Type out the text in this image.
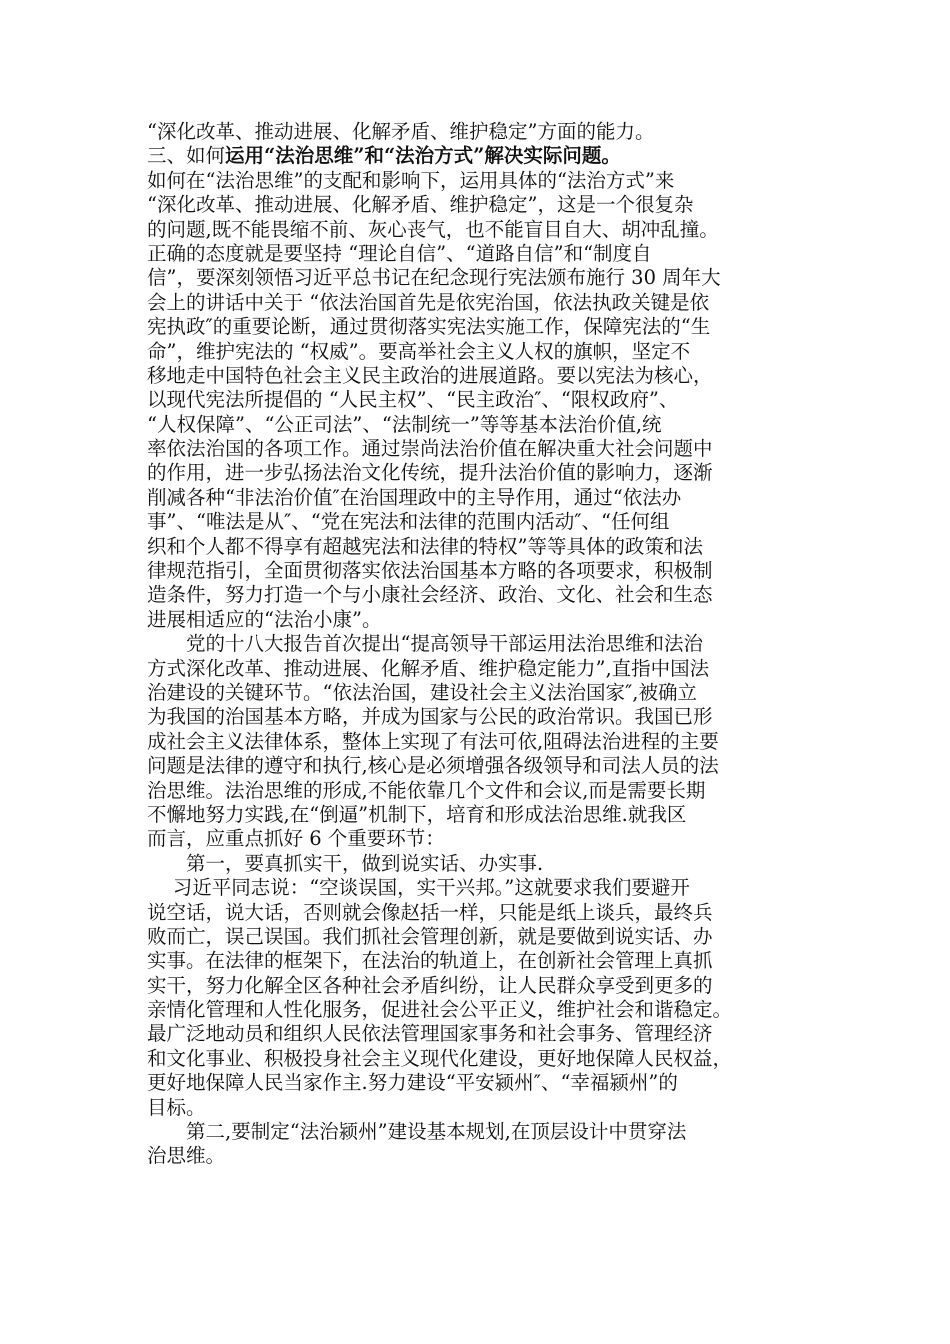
“深化改革、推动进展、化解矛盾、维护稳定”方面的能力。
三、如何运用“法治思维”和“法治方式”解决实际问题。
如何在“法治思维”的支配和影响下，运用具体的“法治方式”来
“深化改革、推动进展、化解矛盾、维护稳定”，这是一个很复杂
的问题,既不能畏缩不前、灰心丧气，也不能盲目自大、胡冲乱撞。
正确的态度就是要坚持 “理论自信”、“道路自信”和“制度自
信”，要深刻领悟习近平总书记在纪念现行宪法颁布施行 30 周年大
会上的讲话中关于 “依法治国首先是依宪治国，依法执政关键是依
宪执政″的重要论断，通过贯彻落实宪法实施工作，保障宪法的“生
命”，维护宪法的 “权威”。要高举社会主义人权的旗帜，坚定不
移地走中国特色社会主义民主政治的进展道路。要以宪法为核心，
以现代宪法所提倡的 “人民主权”、“民主政治″、“限权政府”、
“人权保障”、“公正司法”、“法制统一”等等基本法治价值,统
率依法治国的各项工作。通过崇尚法治价值在解决重大社会问题中
的作用，进一步弘扬法治文化传统，提升法治价值的影响力，逐渐
削减各种“非法治价值″在治国理政中的主导作用，通过“依法办
事”、“唯法是从″、“党在宪法和法律的范围内活动″、“任何组
织和个人都不得享有超越宪法和法律的特权”等等具体的政策和法
律规范指引，全面贯彻落实依法治国基本方略的各项要求，积极制
造条件，努力打造一个与小康社会经济、政治、文化、社会和生态
进展相适应的“法治小康”。
　　党的十八大报告首次提出“提高领导干部运用法治思维和法治
方式深化改革、推动进展、化解矛盾、维护稳定能力”,直指中国法
治建设的关键环节。“依法治国，建设社会主义法治国家″,被确立
为我国的治国基本方略，并成为国家与公民的政治常识。我国已形
成社会主义法律体系，整体上实现了有法可依,阻碍法治进程的主要
问题是法律的遵守和执行,核心是必须增强各级领导和司法人员的法
治思维。法治思维的形成,不能依靠几个文件和会议,而是需要长期
不懈地努力实践,在“倒逼”机制下，培育和形成法治思维.就我区
而言，应重点抓好 6 个重要环节：
　　第一，要真抓实干，做到说实话、办实事.
　 习近平同志说：“空谈误国，实干兴邦。”这就要求我们要避开
说空话，说大话，否则就会像赵括一样，只能是纸上谈兵，最终兵
败而亡，误己误国。我们抓社会管理创新，就是要做到说实话、办
实事。在法律的框架下，在法治的轨道上，在创新社会管理上真抓
实干，努力化解全区各种社会矛盾纠纷，让人民群众享受到更多的
亲情化管理和人性化服务，促进社会公平正义，维护社会和谐稳定。
最广泛地动员和组织人民依法管理国家事务和社会事务、管理经济
和文化事业、积极投身社会主义现代化建设，更好地保障人民权益，
更好地保障人民当家作主.努力建设“平安颍州″、“幸福颍州”的
目标。
　　第二,要制定“法治颍州”建设基本规划,在顶层设计中贯穿法
治思维。
